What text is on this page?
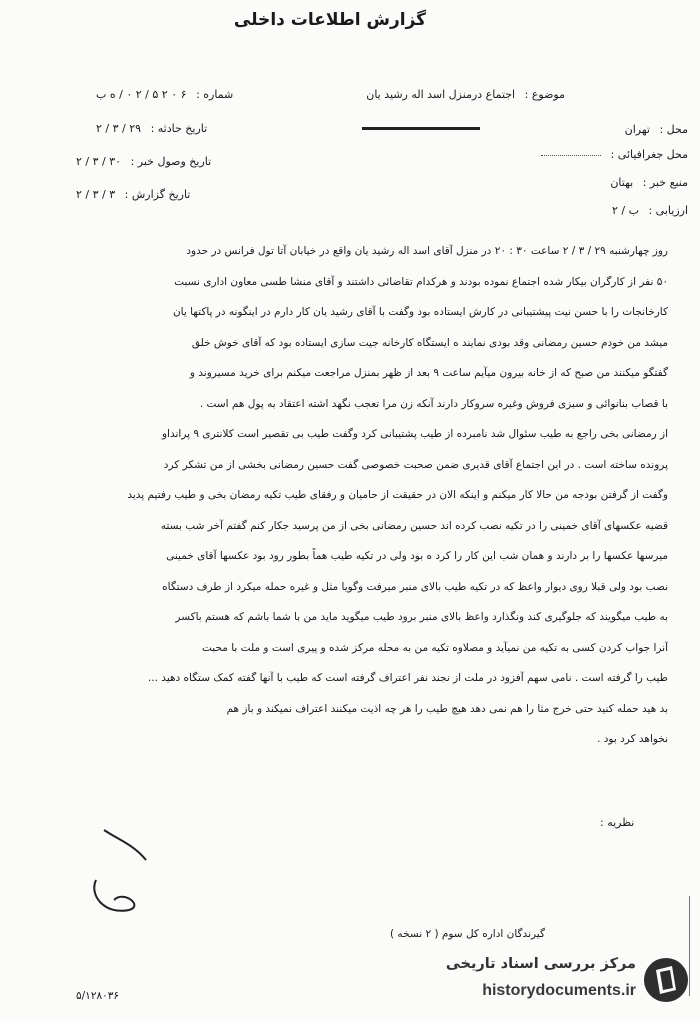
گزارش اطلاعات داخلی
موضوع : اجتماع درمنزل اسد اله رشید یان
محل : تهران
محل جغرافیائی :
منبع خبر : بهتان
ارزیابی : ب / ۲
شماره : ۶ ۰ ۲ ۵ / ۲ ۰ / ه ب
تاریخ حادثه : ۲۹ / ۳ / ۲
تاریخ وصول خبر : ۳۰ / ۳ / ۲
تاریخ گزارش : ۳ / ۳ / ۲

روز چهارشنبه ۲۹ / ۳ / ۲ ساعت ۳۰ : ۲۰ در منزل آقای اسد اله رشید یان واقع در خیابان آتا تول فرانس در حدود

۵۰ نفر از کارگران بیکار شده اجتماع نموده بودند و هرکدام تقاضائی داشتند و آقای منشا طسی معاون اداری نسبت

کارخانجات را با حسن نیت پیشتیبانی در کارش ایستاده بود وگفت با آقای رشید یان کار دارم در اینگونه در پاکتها یان

میشد من خودم حسین رمضانی وقد بودی نمایند ه ایستگاه کارخانه جیت سازی ایستاده بود که آقای خوش خلق

گفتگو میکنند من صبح که از خانه بیرون میآیم ساعت ۹ بعد از ظهر بمنزل مراجعت میکنم برای خرید مسیروند و

با قصاب بنانوائی و سبزی فروش وغیره سروکار دارند آنکه زن مرا تعجب نگهد اشته اعتقاد به پول هم است .

از رمضانی بخی راجع به طیب سئوال شد نامبرده از طیب پشتیبانی کرد وگفت طیب بی تقصیر است کلانتری ۹ پرانداو

پرونده ساخته است . در این اجتماع آقای قدیری ضمن صحبت خصوصی گفت حسین رمضانی بخشی از من تشکر کرد

وگفت از گرفتن بودجه من حالا کار میکنم و اینکه الان در حقیقت از حامیان و رفقای طیب تکیه رمضان بخی و طیب رفتیم پدید

قضیه عکسهای آقای خمینی را در تکیه نصب کرده اند حسین رمضانی بخی از من پرسید جکار کنم گفتم آخر شب بسته

میرسها عکسها را بر دارند و همان شب این کار را کرد ه بود ولی در تکیه طیب هماً بطور رود بود عکسها آقای خمینی

نصب بود ولی قبلا روی دیوار واعظ که در تکیه طیب بالای منبر میرفت وگویا مثل و غیره حمله میکرد از طرف دستگاه

به طیب میگویند که جلوگیری کند ونگذارد واعظ بالای منبر برود طیب میگوید ماید من با شما باشم که هستم باکسر

آنرا جواب کردن کسی به تکیه من نمیآید و مصلاوه تکیه من به محله مرکز شده و پیری است و ملت با محبت

طیب را گرفته است . نامی سهم آفزود در ملت از نجند نفر اعتراف گرفته است که طیب با آنها گفته کمک ستگاه دهید ...

بد هید حمله کنید حتی خرج مثا را هم نمی دهد هیچ طیب را هر چه اذیت میکنند اعتراف نمیکند و باز هم

نخواهد کرد بود .

نظریه :
گیرندگان اداره کل سوم ( ۲ نسخه )
۵/۱۲۸۰۳۶
مرکز بررسی اسناد تاریخی
historydocuments.ir
